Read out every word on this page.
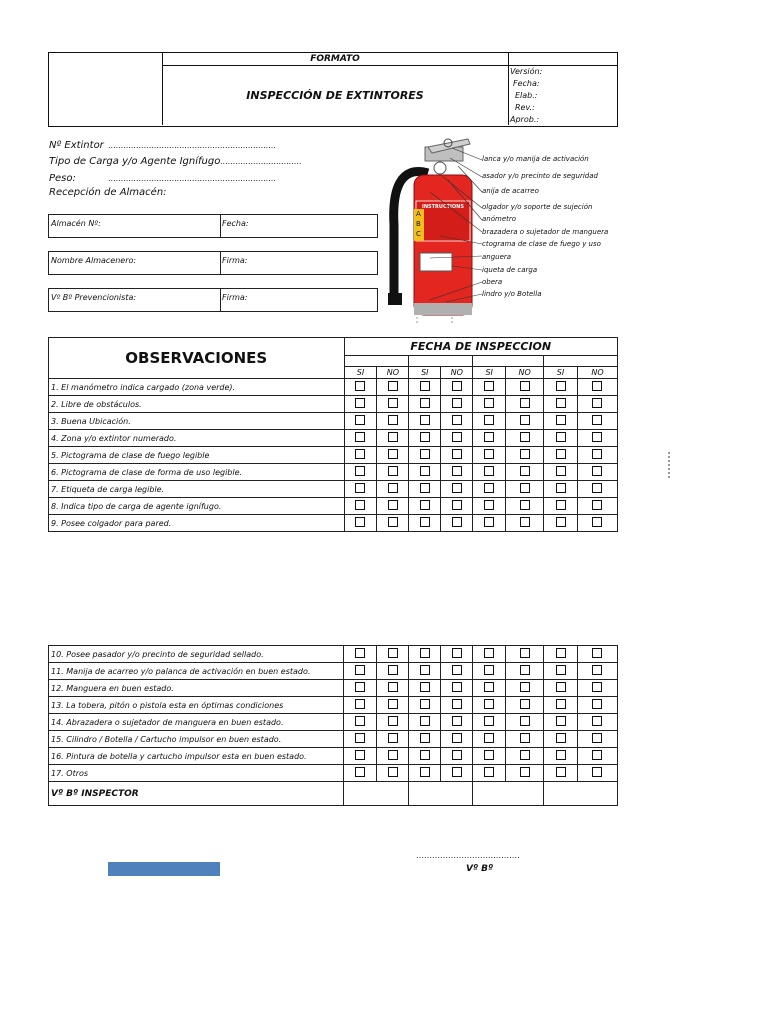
FORMATO
INSPECCIÓN DE EXTINTORES
Versión:
Fecha:
Elab.:
Rev.:
Aprob.:
Nº Extintor ..................................................................
Tipo de Carga y/o Agente Ignífugo ................................
Peso:	..................................................................
Recepción de Almacén:
Almacén Nº:	Fecha:
Nombre Almacenero:	Firma:
Vº Bº Prevencionista:	Firma:
INSTRUCTIONS
A
B
C
lanca y/o manija de activación
asador y/o precinto de seguridad
anija de acarreo
olgador y/o soporte de sujeción
anómetro
brazadera o sujetador de manguera
ctograma de clase de fuego y uso
anguera
iqueta de carga
obera
lindro y/o Botella
OBSERVACIONES	FECHA DE INSPECCION							

	SI	NO	SI	NO	SI	NO	SI	NO
1. El manómetro indica cargado (zona verde).								
2. Libre de obstáculos.								
3. Buena Ubicación.								
4. Zona y/o extintor numerado.								
5. Pictograma de clase de fuego legible								
6. Pictograma de clase de forma de uso legible.								
7. Etiqueta de carga legible.								
8. Indica tipo de carga de agente ignífugo.								
9. Posee colgador para pared.								
10. Posee pasador y/o precinto de seguridad sellado.								
11. Manija de acarreo y/o palanca de activación en buen estado.								
12. Manguera en buen estado.								
13. La tobera, pitón o pistola esta en óptimas condiciones								
14. Abrazadera o sujetador de manguera en buen estado.								
15. Cilindro / Botella / Cartucho impulsor en buen estado.								
16. Pintura de botella y cartucho impulsor esta en buen estado.								
17. Otros								
Vº Bº INSPECTOR								
………………………..……….
Vº Bº
